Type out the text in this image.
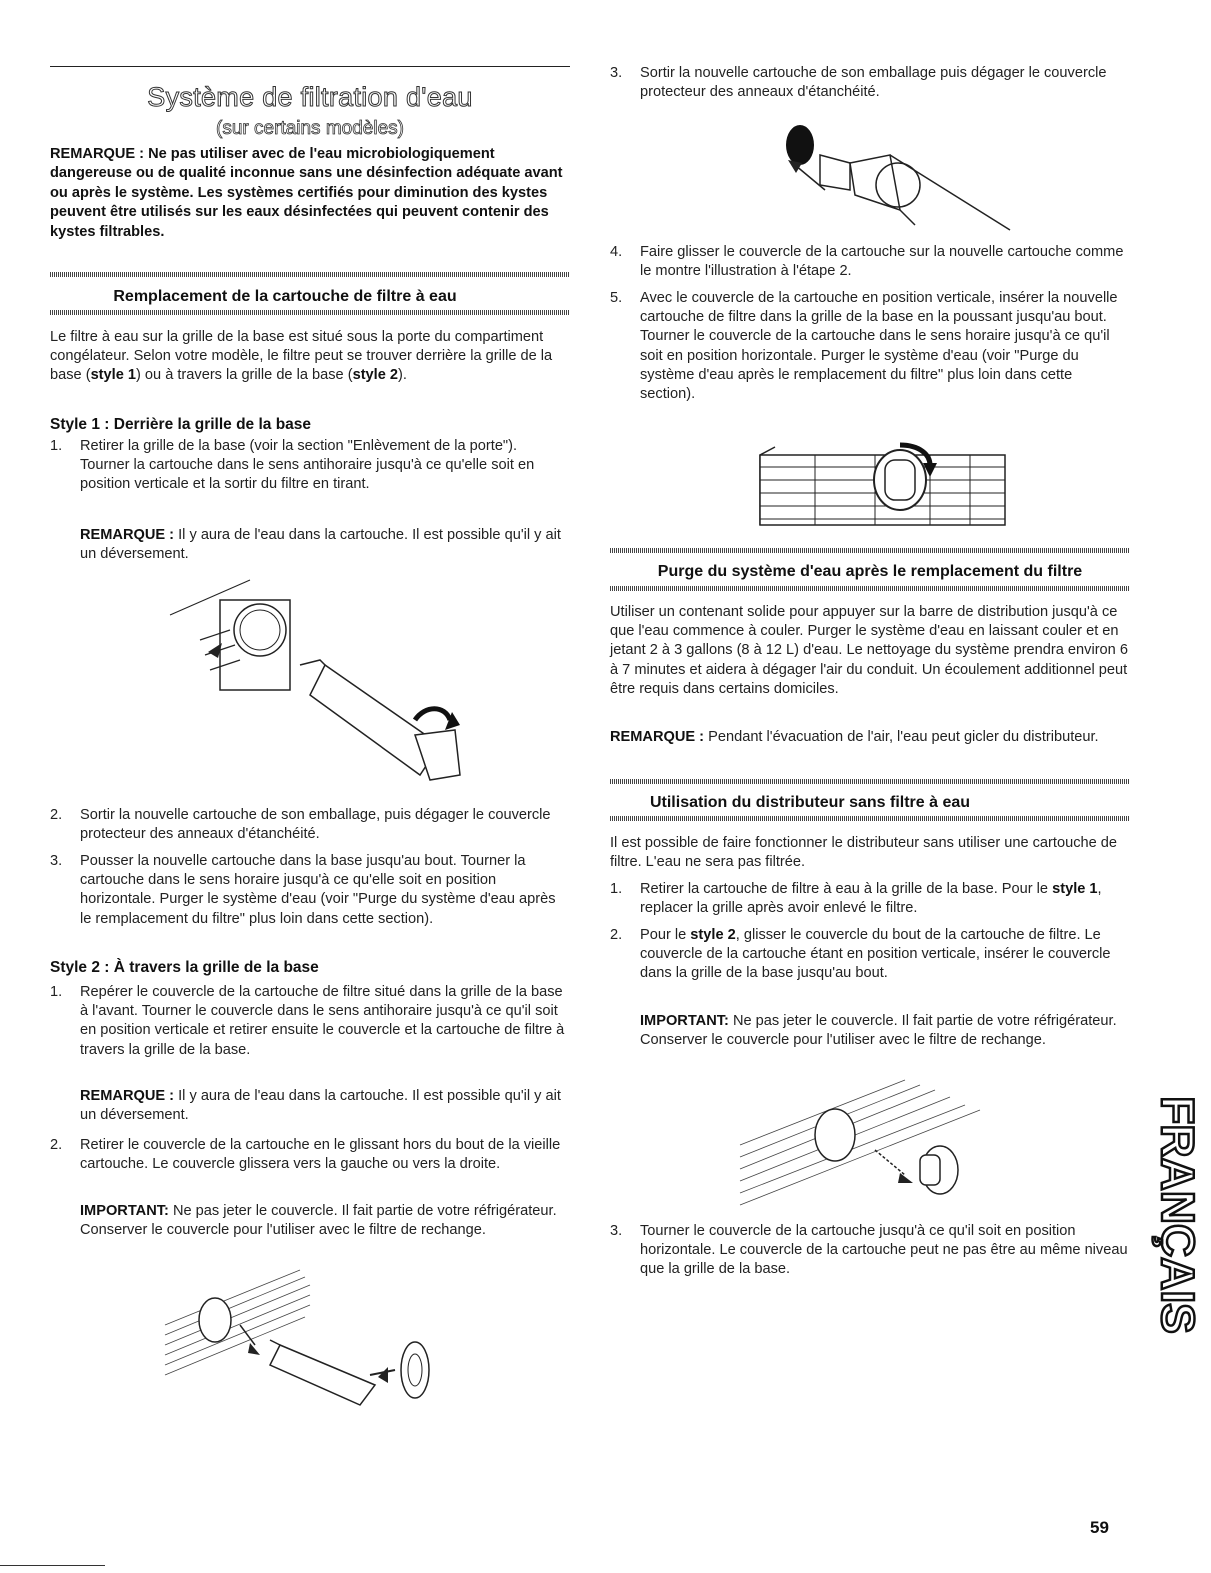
Système de filtration d'eau
(sur certains modèles)
REMARQUE : Ne pas utiliser avec de l'eau microbiologiquement dangereuse ou de qualité inconnue sans une désinfection adéquate avant ou après le système. Les systèmes certifiés pour diminution des kystes peuvent être utilisés sur les eaux désinfectées qui peuvent contenir des kystes filtrables.
Remplacement de la cartouche de filtre à eau
Le filtre à eau sur la grille de la base est situé sous la porte du compartiment congélateur. Selon votre modèle, le filtre peut se trouver derrière la grille de la base (style 1) ou à travers la grille de la base (style 2).
Style 1 : Derrière la grille de la base
1.	Retirer la grille de la base (voir la section "Enlèvement de la porte"). Tourner la cartouche dans le sens antihoraire jusqu'à ce qu'elle soit en position verticale et la sortir du filtre en tirant.
REMARQUE : Il y aura de l'eau dans la cartouche. Il est possible qu'il y ait un déversement.
2.	Sortir la nouvelle cartouche de son emballage, puis dégager le couvercle protecteur des anneaux d'étanchéité.
3.	Pousser la nouvelle cartouche dans la base jusqu'au bout. Tourner la cartouche dans le sens horaire jusqu'à ce qu'elle soit en position horizontale. Purger le système d'eau (voir "Purge du système d'eau après le remplacement du filtre" plus loin dans cette section).
Style 2 : À travers la grille de la base
1.	Repérer le couvercle de la cartouche de filtre situé dans la grille de la base à l'avant. Tourner le couvercle dans le sens antihoraire jusqu'à ce qu'il soit en position verticale et retirer ensuite le couvercle et la cartouche de filtre à travers la grille de la base.
REMARQUE : Il y aura de l'eau dans la cartouche. Il est possible qu'il y ait un déversement.
2.	Retirer le couvercle de la cartouche en le glissant hors du bout de la vieille cartouche. Le couvercle glissera vers la gauche ou vers la droite.
IMPORTANT: Ne pas jeter le couvercle. Il fait partie de votre réfrigérateur. Conserver le couvercle pour l'utiliser avec le filtre de rechange.
3.	Sortir la nouvelle cartouche de son emballage puis dégager le couvercle protecteur des anneaux d'étanchéité.
4.	Faire glisser le couvercle de la cartouche sur la nouvelle cartouche comme le montre l'illustration à l'étape 2.
5.	Avec le couvercle de la cartouche en position verticale, insérer la nouvelle cartouche de filtre dans la grille de la base en la poussant jusqu'au bout. Tourner le couvercle de la cartouche dans le sens horaire jusqu'à ce qu'il soit en position horizontale. Purger le système d'eau (voir "Purge du système d'eau après le remplacement du filtre" plus loin dans cette section).
Purge du système d'eau après le remplacement du filtre
Utiliser un contenant solide pour appuyer sur la barre de distribution jusqu'à ce que l'eau commence à couler. Purger le système d'eau en laissant couler et en jetant 2 à 3 gallons (8 à 12 L) d'eau. Le nettoyage du système prendra environ 6 à 7 minutes et aidera à dégager l'air du conduit. Un écoulement additionnel peut être requis dans certains domiciles.
REMARQUE : Pendant l'évacuation de l'air, l'eau peut gicler du distributeur.
Utilisation du distributeur sans filtre à eau
Il est possible de faire fonctionner le distributeur sans utiliser une cartouche de filtre. L'eau ne sera pas filtrée.
1.	Retirer la cartouche de filtre à eau à la grille de la base. Pour le style 1, replacer la grille après avoir enlevé le filtre.
2.	Pour le style 2, glisser le couvercle du bout de la cartouche de filtre. Le couvercle de la cartouche étant en position verticale, insérer le couvercle dans la grille de la base jusqu'au bout.
IMPORTANT: Ne pas jeter le couvercle. Il fait partie de votre réfrigérateur. Conserver le couvercle pour l'utiliser avec le filtre de rechange.
3.	Tourner le couvercle de la cartouche jusqu'à ce qu'il soit en position horizontale. Le couvercle de la cartouche peut ne pas être au même niveau que la grille de la base.	FRANÇAIS
59
